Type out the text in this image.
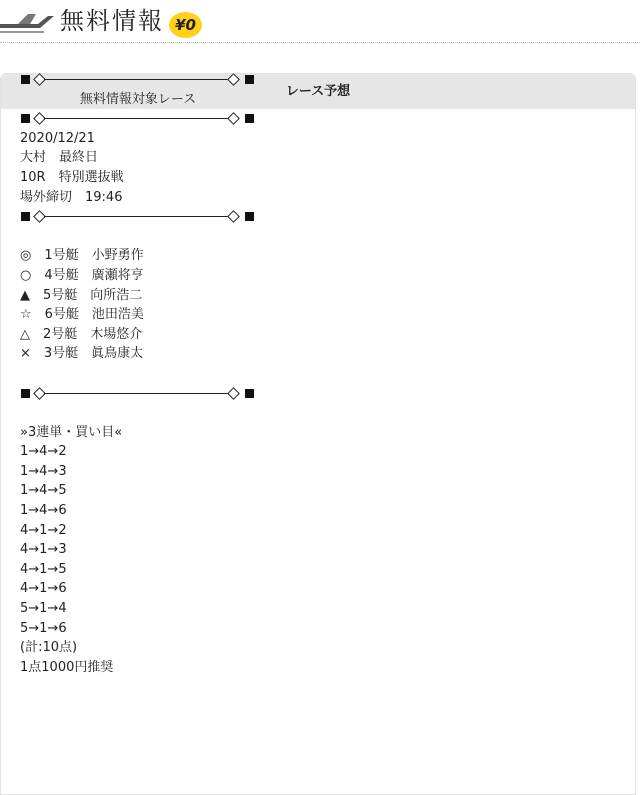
無料情報 ¥0
レース予想
無料情報対象レース
2020/12/21
大村　最終日
10R　特別選抜戦
場外締切　19:46
◎　1号艇　小野勇作
○　4号艇　廣瀬将亨
▲　5号艇　向所浩二
☆　6号艇　池田浩美
△　2号艇　木場悠介
×　3号艇　眞鳥康太
»3連単・買い目«
1→4→2
1→4→3
1→4→5
1→4→6
4→1→2
4→1→3
4→1→5
4→1→6
5→1→4
5→1→6
(計:10点)
1点1000円推奨
